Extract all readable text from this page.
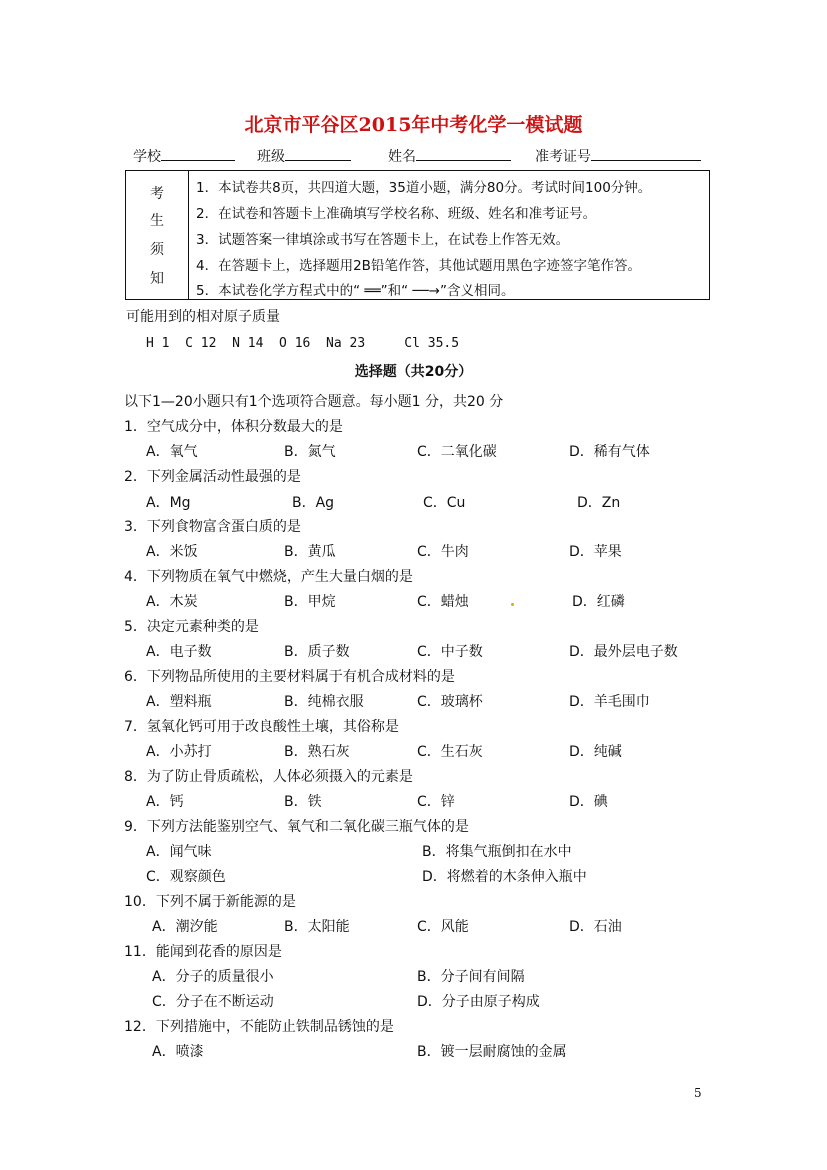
北京市平谷区2015年中考化学一模试题
学校	班级	姓名	准考证号
考
生
须
知
1．本试卷共8页，共四道大题，35道小题，满分80分。考试时间100分钟。
2．在试卷和答题卡上准确填写学校名称、班级、姓名和准考证号。
3．试题答案一律填涂或书写在答题卡上，在试卷上作答无效。
4．在答题卡上，选择题用2B铅笔作答，其他试题用黑色字迹签字笔作答。
5．本试卷化学方程式中的“ ══”和“ ──→”含义相同。
可能用到的相对原子质量
H 1  C 12  N 14  O 16  Na 23     Cl 35.5
选择题（共20分）
以下1—20小题只有1个选项符合题意。每小题1 分，共20 分
1．空气成分中，体积分数最大的是
A．氧气	B．氮气	C．二氧化碳	D．稀有气体
2．下列金属活动性最强的是
A．Mg	B．Ag	C．Cu	D．Zn
3．下列食物富含蛋白质的是
A．米饭	B．黄瓜	C．牛肉	D．苹果
4．下列物质在氧气中燃烧，产生大量白烟的是
A．木炭	B．甲烷	C．蜡烛	D．红磷
5．决定元素种类的是
A．电子数	B．质子数	C．中子数	D．最外层电子数
6．下列物品所使用的主要材料属于有机合成材料的是
A．塑料瓶	B．纯棉衣服	C．玻璃杯	D．羊毛围巾
7．氢氧化钙可用于改良酸性土壤，其俗称是
A．小苏打	B．熟石灰	C．生石灰	D．纯碱
8．为了防止骨质疏松，人体必须摄入的元素是
A．钙	B．铁	C．锌	D．碘
9．下列方法能鉴别空气、氧气和二氧化碳三瓶气体的是
A．闻气味	B．将集气瓶倒扣在水中
C．观察颜色	D．将燃着的木条伸入瓶中
10．下列不属于新能源的是
A．潮汐能	B．太阳能	C．风能	D．石油
11．能闻到花香的原因是
A．分子的质量很小	B．分子间有间隔
C．分子在不断运动	D．分子由原子构成
12．下列措施中，不能防止铁制品锈蚀的是
A．喷漆	B．镀一层耐腐蚀的金属
5
